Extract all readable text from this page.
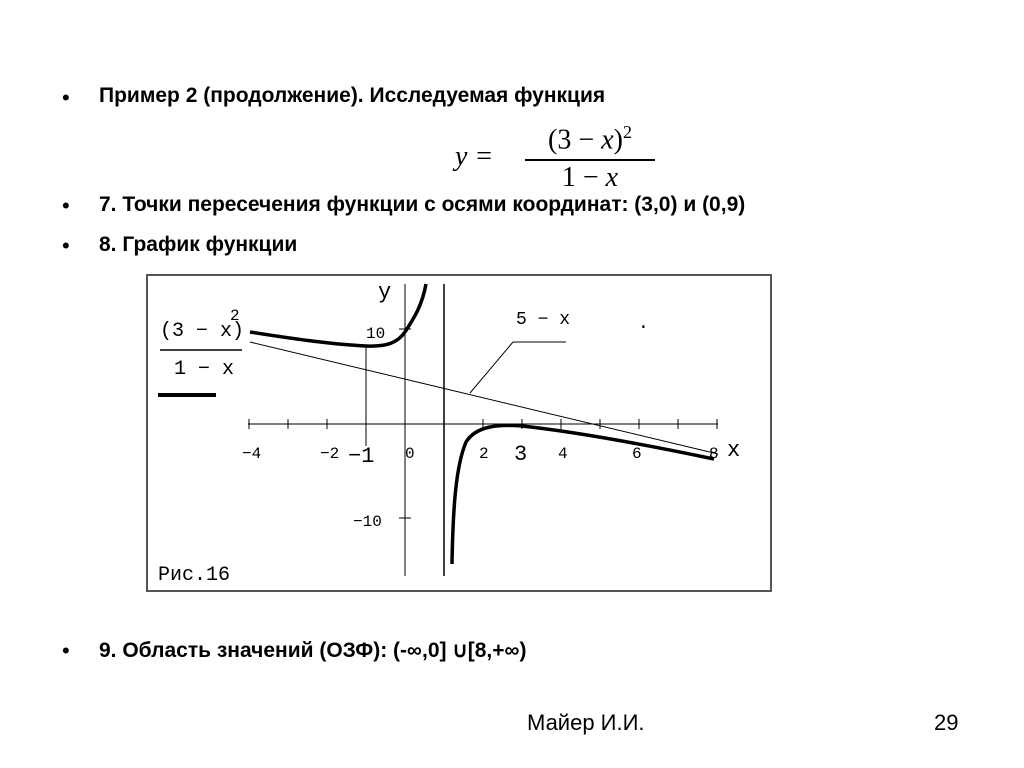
• Пример 2 (продолжение). Исследуемая функция
y =
$(3 - x)^2$
1 − x
• 7. Точки пересечения функции с осями координат: (3,0) и (0,9)
• 8. График функции
(3 − x)
2
1 − x
y
x
5 − x	.
10
−10
−4	−2 −1 0	2 3 4	6	8
Рис.16
• 9. Область значений (ОЗФ): (-∞,0] ∪[8,+∞)
Майер И.И.	29
